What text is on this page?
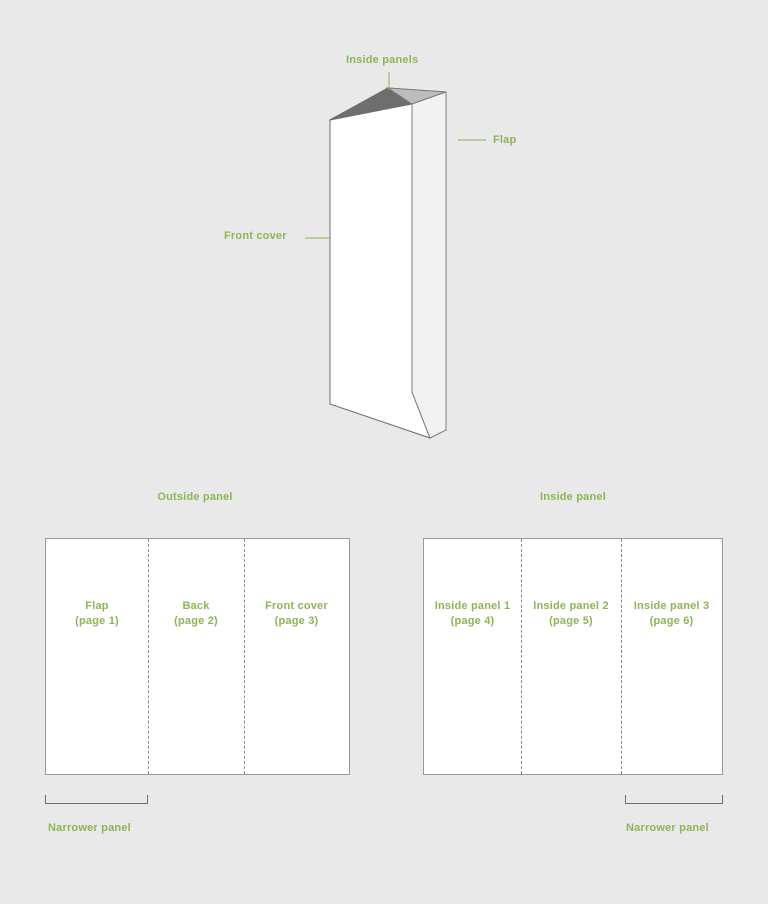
Inside panels
Flap
Front cover
Outside panel
Flap
(page 1)
Back
(page 2)
Front cover
(page 3)
Inside panel
Inside panel 1
(page 4)
Inside panel 2
(page 5)
Inside panel 3
(page 6)
Narrower panel	Narrower panel
